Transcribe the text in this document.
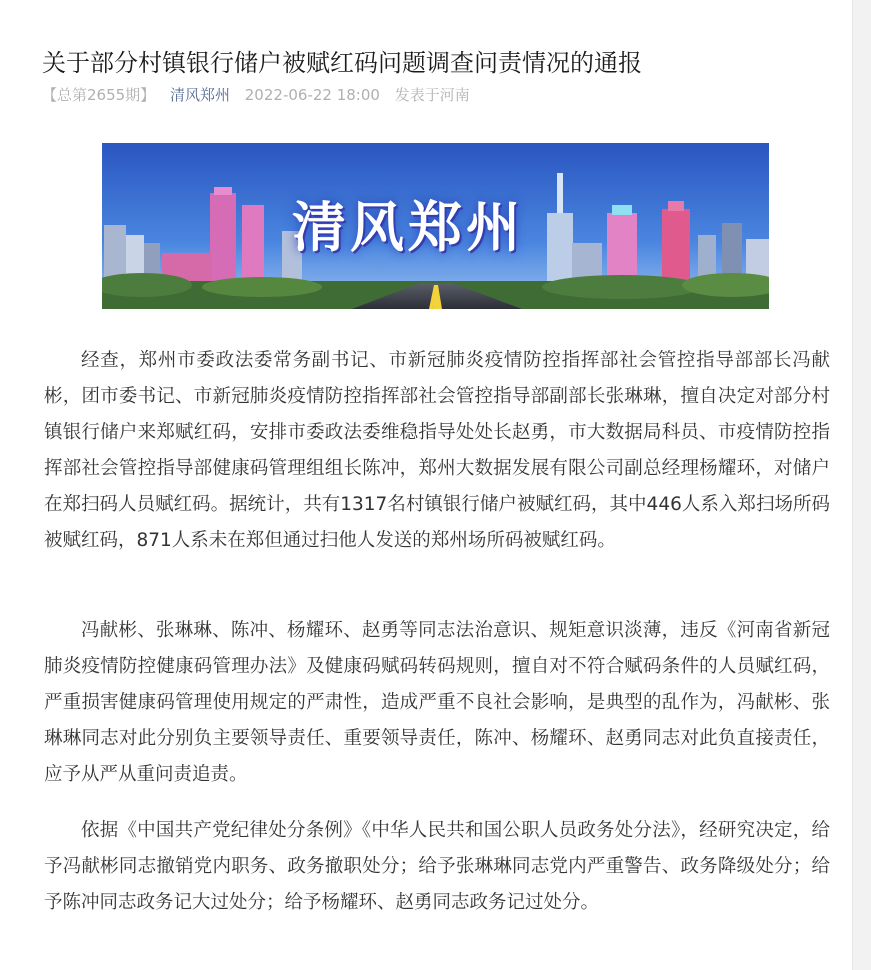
关于部分村镇银行储户被赋红码问题调查问责情况的通报
【总第2655期】 清风郑州 2022-06-22 18:00 发表于河南
清风郑州

经查，郑州市委政法委常务副书记、市新冠肺炎疫情防控指挥部社会管控指导部部长冯献彬，团市委书记、市新冠肺炎疫情防控指挥部社会管控指导部副部长张琳琳，擅自决定对部分村镇银行储户来郑赋红码，安排市委政法委维稳指导处处长赵勇，市大数据局科员、市疫情防控指挥部社会管控指导部健康码管理组组长陈冲，郑州大数据发展有限公司副总经理杨耀环，对储户在郑扫码人员赋红码。据统计，共有1317名村镇银行储户被赋红码，其中446人系入郑扫场所码被赋红码，871人系未在郑但通过扫他人发送的郑州场所码被赋红码。

冯献彬、张琳琳、陈冲、杨耀环、赵勇等同志法治意识、规矩意识淡薄，违反《河南省新冠肺炎疫情防控健康码管理办法》及健康码赋码转码规则，擅自对不符合赋码条件的人员赋红码，严重损害健康码管理使用规定的严肃性，造成严重不良社会影响，是典型的乱作为，冯献彬、张琳琳同志对此分别负主要领导责任、重要领导责任，陈冲、杨耀环、赵勇同志对此负直接责任，应予从严从重问责追责。

依据《中国共产党纪律处分条例》《中华人民共和国公职人员政务处分法》，经研究决定，给予冯献彬同志撤销党内职务、政务撤职处分；给予张琳琳同志党内严重警告、政务降级处分；给予陈冲同志政务记大过处分；给予杨耀环、赵勇同志政务记过处分。
